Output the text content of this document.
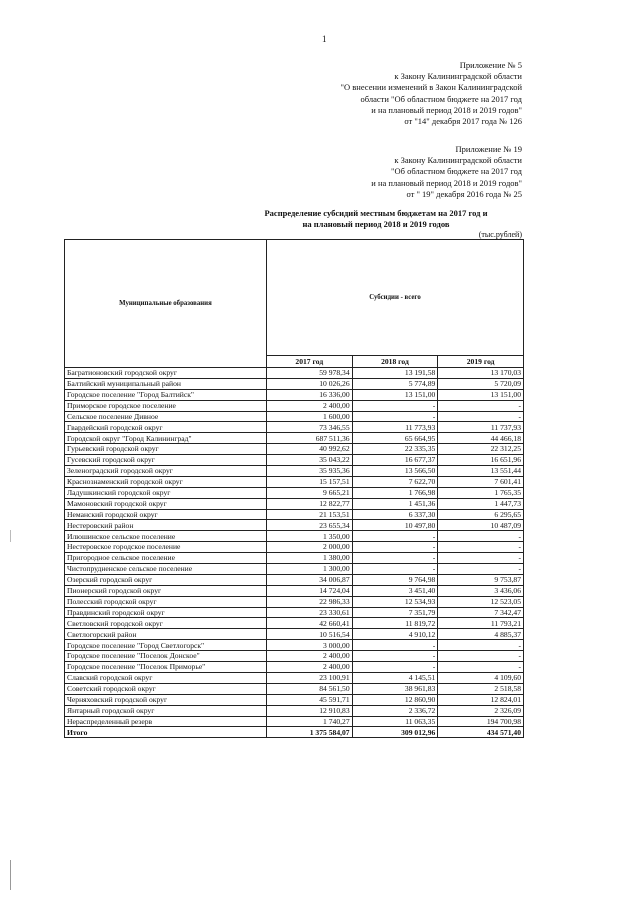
1
Приложение № 5
к Закону Калининградской области
"О внесении изменений в Закон Калининградской
области "Об областном бюджете на 2017 год
и на плановый период 2018 и 2019 годов"
от "14" декабря 2017 года № 126
Приложение № 19
к Закону Калининградской области
"Об областном бюджете на 2017 год
и на плановый период 2018 и 2019 годов"
от " 19" декабря 2016 года № 25
Распределение субсидий местным бюджетам на 2017 год и
на плановый период 2018 и 2019 годов
(тыс.рублей)
Муниципальные образования	Субсидии - всего		
	2017 год	2018 год	2019 год
Багратионовский городской округ	59 978,34	13 191,58	13 170,03
Балтийский муниципальный район	10 026,26	5 774,89	5 720,09
Городское поселение "Город Балтийск"	16 336,00	13 151,00	13 151,00
Приморское городское поселение	2 400,00	-	-
Сельское поселение Дивное	1 600,00	-	-
Гвардейский городской округ	73 346,55	11 773,93	11 737,93
Городской округ "Город Калининград"	687 511,36	65 664,95	44 466,18
Гурьевский городской округ	40 992,62	22 335,35	22 312,25
Гусевский городской округ	35 043,22	16 677,37	16 651,96
Зеленоградский городской округ	35 935,36	13 566,50	13 551,44
Краснознаменский городской округ	15 157,51	7 622,70	7 601,41
Ладушкинский городской округ	9 665,21	1 766,98	1 765,35
Мамоновский городской округ	12 822,77	1 451,36	1 447,73
Неманский городской округ	21 153,51	6 337,30	6 295,65
Нестеровский район	23 655,34	10 497,80	10 487,09
Илюшинское сельское поселение	1 350,00	-	-
Нестеровское городское поселение	2 000,00	-	-
Пригородное сельское поселение	1 380,00	-	-
Чистопрудненское сельское поселение	1 300,00	-	-
Озерский городской округ	34 006,87	9 764,98	9 753,87
Пионерский городской округ	14 724,04	3 451,40	3 436,06
Полесский городской округ	22 986,33	12 534,93	12 523,05
Правдинский городской округ	23 330,61	7 351,79	7 342,47
Светловский городской округ	42 660,41	11 819,72	11 793,21
Светлогорский район	10 516,54	4 910,12	4 885,37
Городское поселение "Город Светлогорск"	3 000,00	-	-
Городское поселение "Поселок Донское"	2 400,00	-	-
Городское поселение "Поселок Приморье"	2 400,00	-	-
Славский городской округ	23 100,91	4 145,51	4 109,60
Советский городской округ	84 561,50	38 961,83	2 518,58
Черняховский городской округ	45 591,71	12 860,90	12 824,01
Янтарный городской округ	12 910,83	2 336,72	2 326,09
Нераспределенный резерв	1 740,27	11 063,35	194 700,98
Итого	1 375 584,07	309 012,96	434 571,40
